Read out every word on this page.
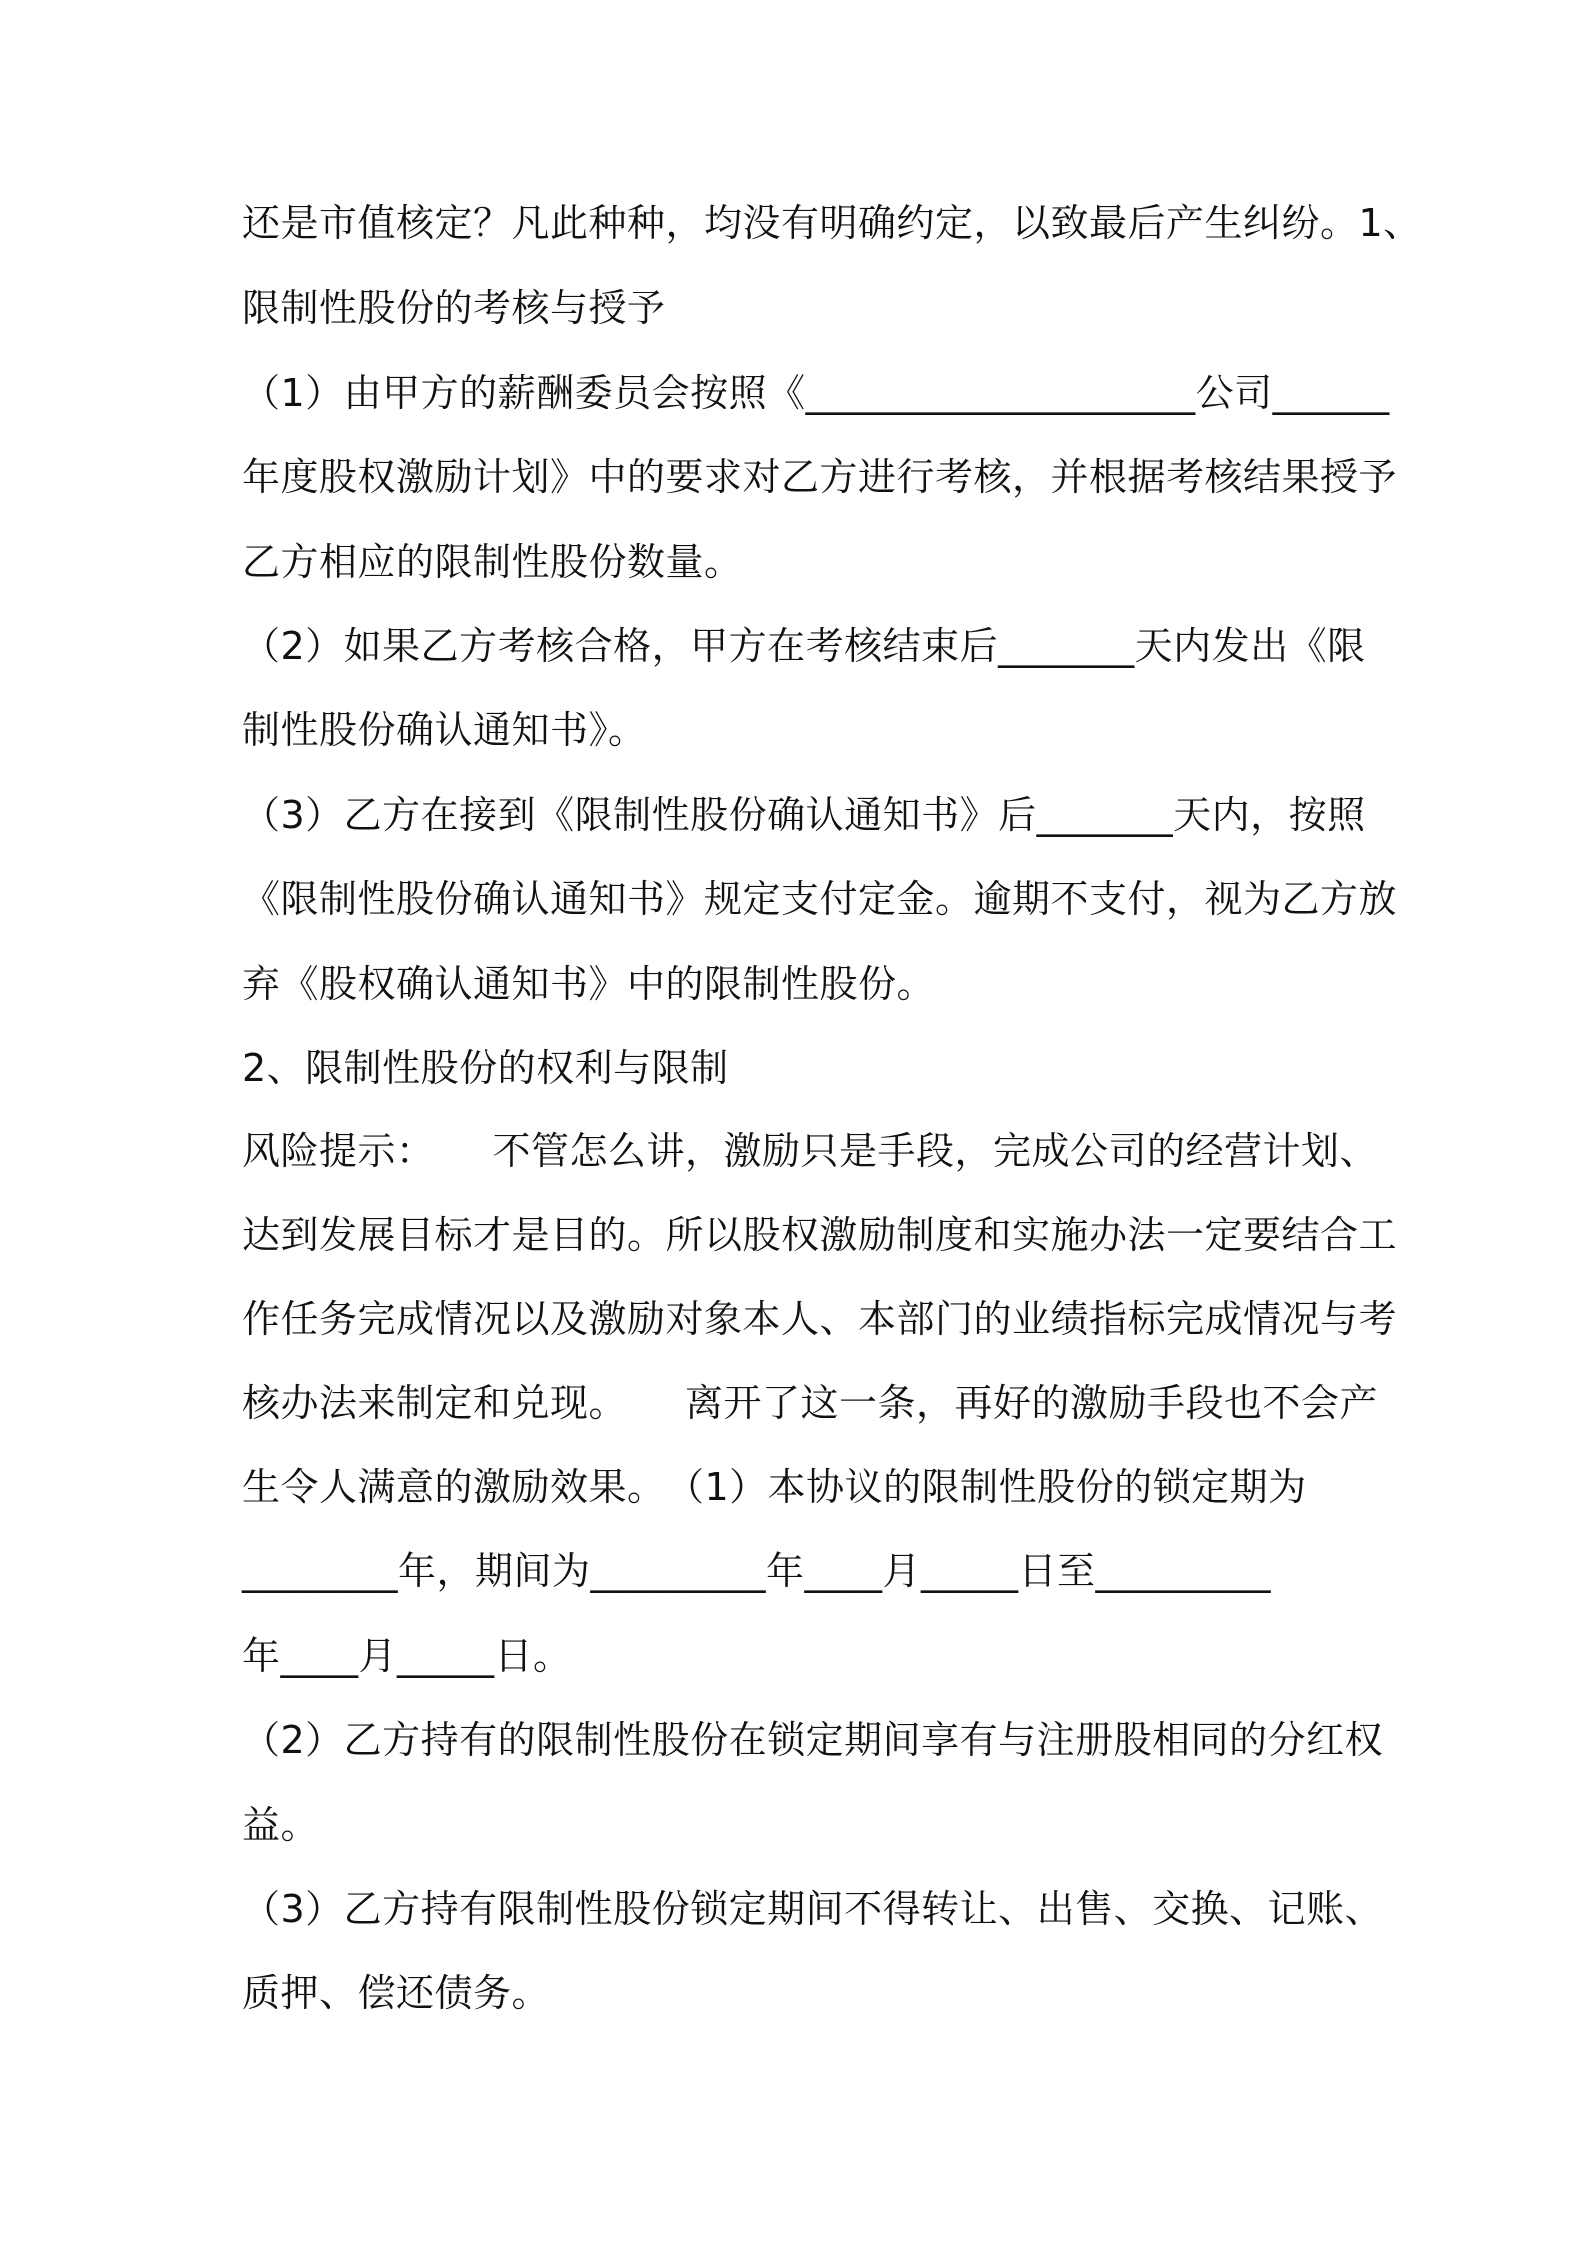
还是市值核定？凡此种种，均没有明确约定，以致最后产生纠纷。1、
限制性股份的考核与授予
（1）由甲方的薪酬委员会按照《____________________公司______
年度股权激励计划》中的要求对乙方进行考核，并根据考核结果授予
乙方相应的限制性股份数量。
（2）如果乙方考核合格，甲方在考核结束后_______天内发出《限
制性股份确认通知书》。
（3）乙方在接到《限制性股份确认通知书》后_______天内，按照
《限制性股份确认通知书》规定支付定金。逾期不支付，视为乙方放
弃《股权确认通知书》中的限制性股份。
2、限制性股份的权利与限制
风险提示：　　不管怎么讲，激励只是手段，完成公司的经营计划、
达到发展目标才是目的。所以股权激励制度和实施办法一定要结合工
作任务完成情况以及激励对象本人、本部门的业绩指标完成情况与考
核办法来制定和兑现。　　离开了这一条，再好的激励手段也不会产
生令人满意的激励效果。　（1）本协议的限制性股份的锁定期为
________年，期间为_________年____月_____日至_________
年____月_____日。
（2）乙方持有的限制性股份在锁定期间享有与注册股相同的分红权
益。
（3）乙方持有限制性股份锁定期间不得转让、出售、交换、记账、
质押、偿还债务。
